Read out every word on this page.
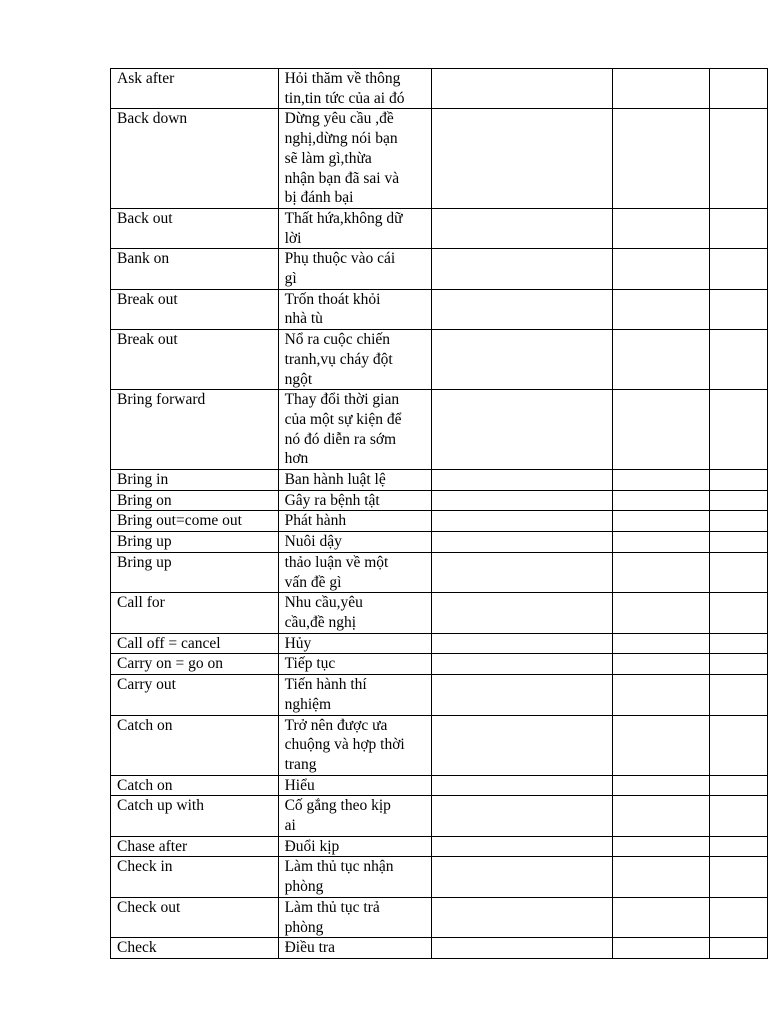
Ask after	Hỏi thăm về thông
tin,tin tức của ai đó			

Back down	Dừng yêu cầu ,đề
nghị,dừng nói bạn
sẽ làm gì,thừa
nhận bạn đã sai và
bị đánh bại			

Back out	Thất hứa,không dữ
lời			

Bank on	Phụ thuộc vào cái
gì			

Break out	Trốn thoát khỏi
nhà tù			

Break out	Nổ ra cuộc chiến
tranh,vụ cháy đột
ngột			

Bring forward	Thay đổi thời gian
của một sự kiện để
nó đó diễn ra sớm
hơn			

Bring in	Ban hành luật lệ			

Bring on	Gây ra bệnh tật			

Bring out=come out	Phát hành			

Bring up	Nuôi dậy			

Bring up	thảo luận về một
vấn đề gì			

Call for	Nhu cầu,yêu
cầu,đề nghị			

Call off = cancel	Hủy			

Carry on = go on	Tiếp tục			

Carry out	Tiến hành thí
nghiệm			

Catch on	Trở nên được ưa
chuộng và hợp thời
trang			

Catch on	Hiểu			

Catch up with	Cố gắng theo kịp
ai			

Chase after	Đuổi kịp			

Check in	Làm thủ tục nhận
phòng			

Check out	Làm thủ tục trả
phòng			

Check	Điều tra			
